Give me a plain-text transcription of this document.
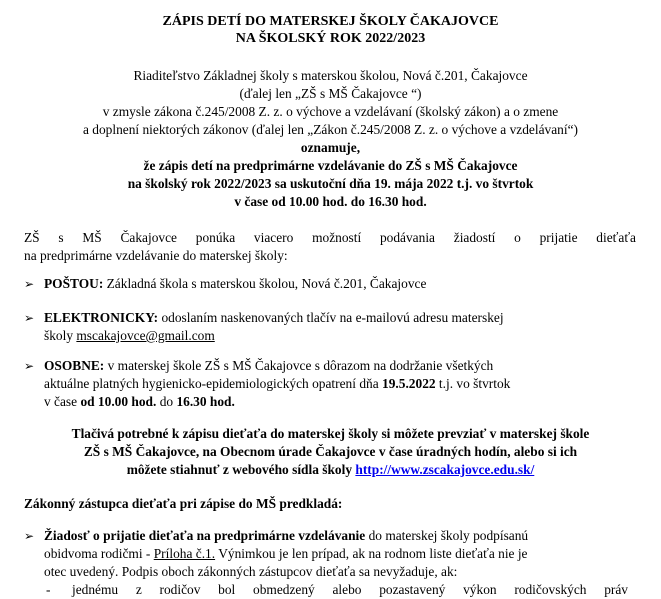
ZÁPIS DETÍ DO MATERSKEJ ŠKOLY ČAKAJOVCE
NA ŠKOLSKÝ ROK 2022/2023
Riaditeľstvo Základnej školy s materskou školou, Nová č.201, Čakajovce
(ďalej len „ZŠ s MŠ Čakajovce “)
v zmysle zákona č.245/2008 Z. z. o výchove a vzdelávaní (školský zákon) a o zmene
a doplnení niektorých zákonov (ďalej len „Zákon č.245/2008 Z. z. o výchove a vzdelávaní“)
oznamuje,
že zápis detí na predprimárne vzdelávanie do ZŠ s MŠ Čakajovce
na školský rok 2022/2023 sa uskutoční dňa 19. mája 2022 t.j. vo štvrtok
v čase od 10.00 hod. do 16.30 hod.
ZŠ s MŠ Čakajovce ponúka viacero možností podávania žiadostí o prijatie dieťaťa
na predprimárne vzdelávanie do materskej školy:
➢ POŠTOU: Základná škola s materskou školou, Nová č.201, Čakajovce
➢ ELEKTRONICKY: odoslaním naskenovaných tlačív na e-mailovú adresu materskej
školy mscakajovce@gmail.com
➢ OSOBNE: v materskej škole ZŠ s MŠ Čakajovce s dôrazom na dodržanie všetkých
aktuálne platných hygienicko-epidemiologických opatrení dňa 19.5.2022 t.j. vo štvrtok
v čase od 10.00 hod. do 16.30 hod.
Tlačivá potrebné k zápisu dieťaťa do materskej školy si môžete prevziať v materskej škole
ZŠ s MŠ Čakajovce, na Obecnom úrade Čakajovce v čase úradných hodín, alebo si ich
môžete stiahnuť z webového sídla školy http://www.zscakajovce.edu.sk/
Zákonný zástupca dieťaťa pri zápise do MŠ predkladá:
➢ Žiadosť o prijatie dieťaťa na predprimárne vzdelávanie do materskej školy podpísanú
obidvoma rodičmi - Príloha č.1. Výnimkou je len prípad, ak na rodnom liste dieťaťa nie je
otec uvedený. Podpis oboch zákonných zástupcov dieťaťa sa nevyžaduje, ak:
- jednému z rodičov bol obmedzený alebo pozastavený výkon rodičovských práv
